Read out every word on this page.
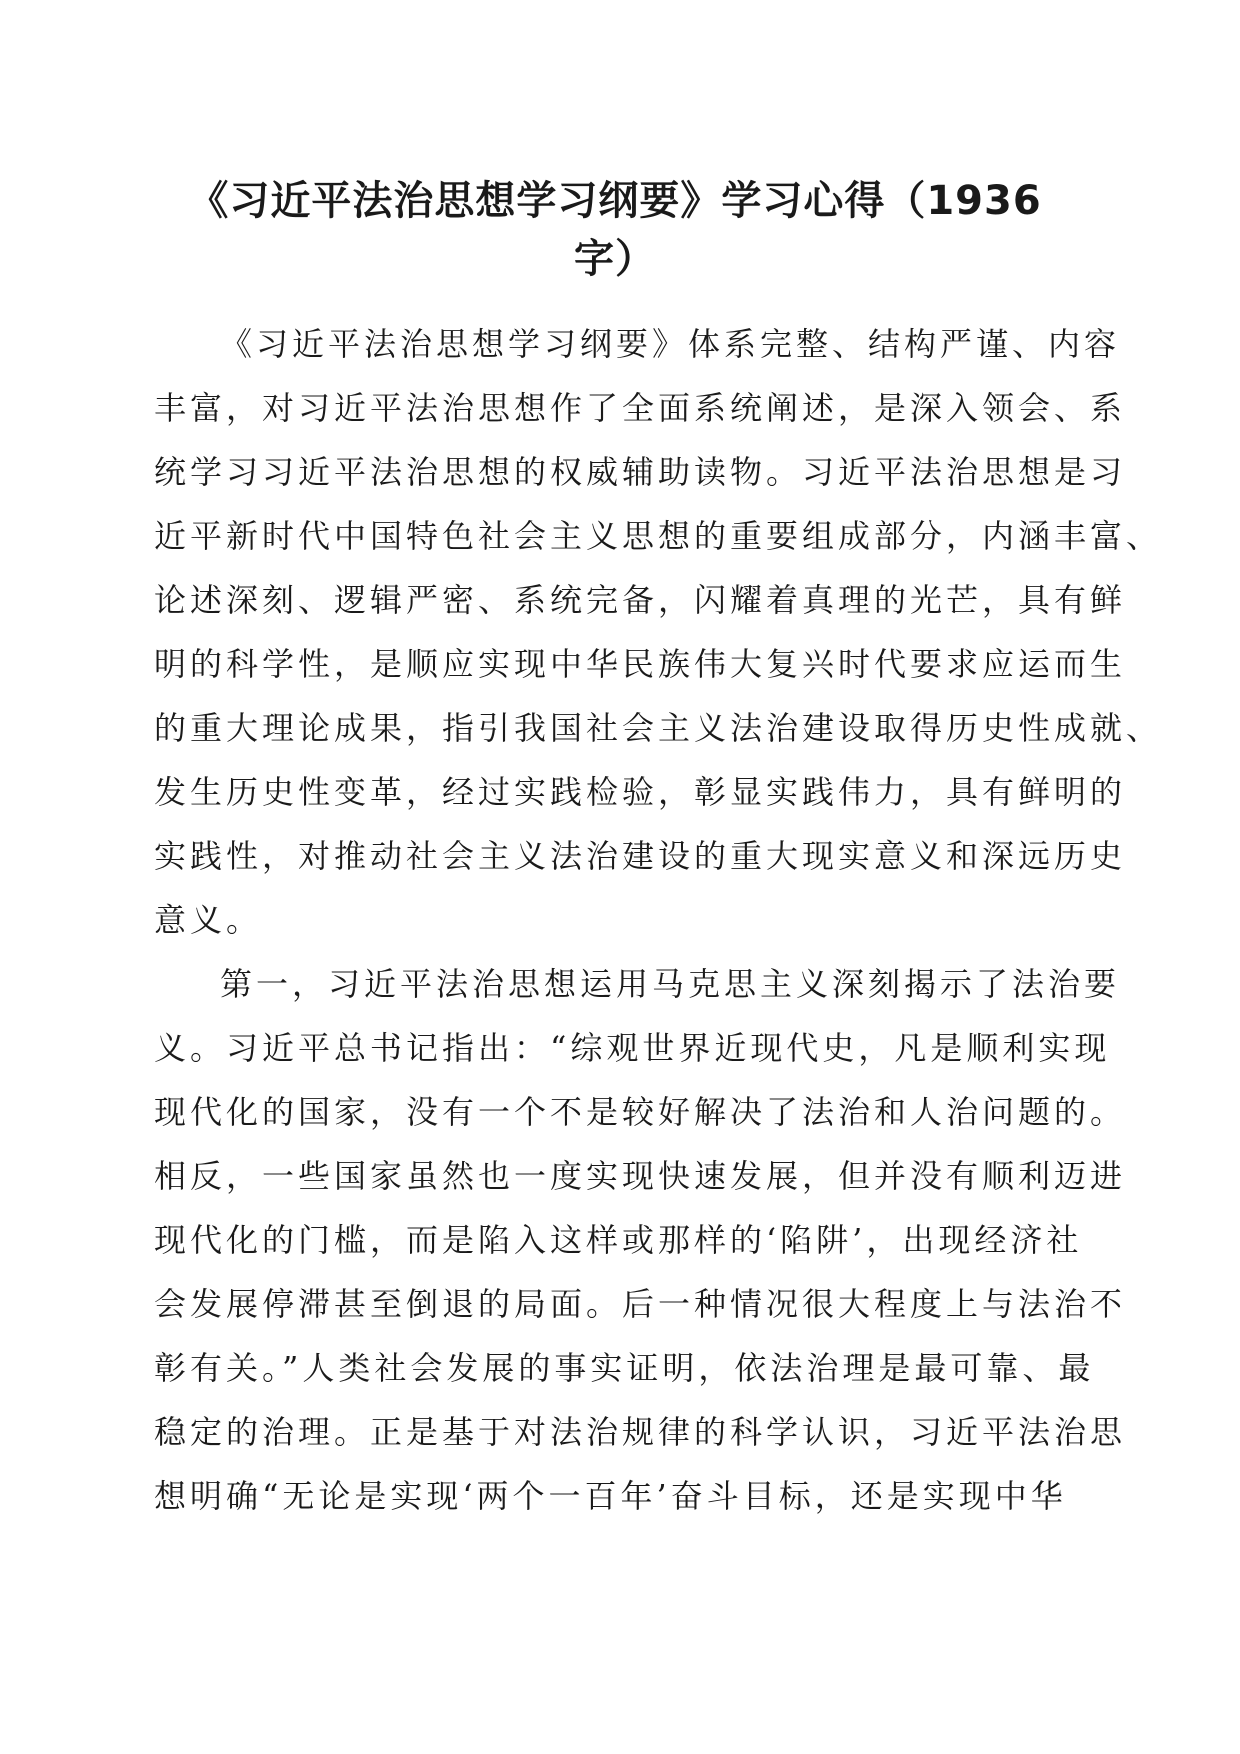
《习近平法治思想学习纲要》学习心得（1936
字）
《习近平法治思想学习纲要》体系完整、结构严谨、内容
丰富，对习近平法治思想作了全面系统阐述，是深入领会、系
统学习习近平法治思想的权威辅助读物。习近平法治思想是习
近平新时代中国特色社会主义思想的重要组成部分，内涵丰富、
论述深刻、逻辑严密、系统完备，闪耀着真理的光芒，具有鲜
明的科学性，是顺应实现中华民族伟大复兴时代要求应运而生
的重大理论成果，指引我国社会主义法治建设取得历史性成就、
发生历史性变革，经过实践检验，彰显实践伟力，具有鲜明的
实践性，对推动社会主义法治建设的重大现实意义和深远历史
意义。
第一，习近平法治思想运用马克思主义深刻揭示了法治要
义。习近平总书记指出：“综观世界近现代史，凡是顺利实现
现代化的国家，没有一个不是较好解决了法治和人治问题的。
相反，一些国家虽然也一度实现快速发展，但并没有顺利迈进
现代化的门槛，而是陷入这样或那样的‘陷阱’，出现经济社
会发展停滞甚至倒退的局面。后一种情况很大程度上与法治不
彰有关。”人类社会发展的事实证明，依法治理是最可靠、最
稳定的治理。正是基于对法治规律的科学认识，习近平法治思
想明确“无论是实现‘两个一百年’奋斗目标，还是实现中华
